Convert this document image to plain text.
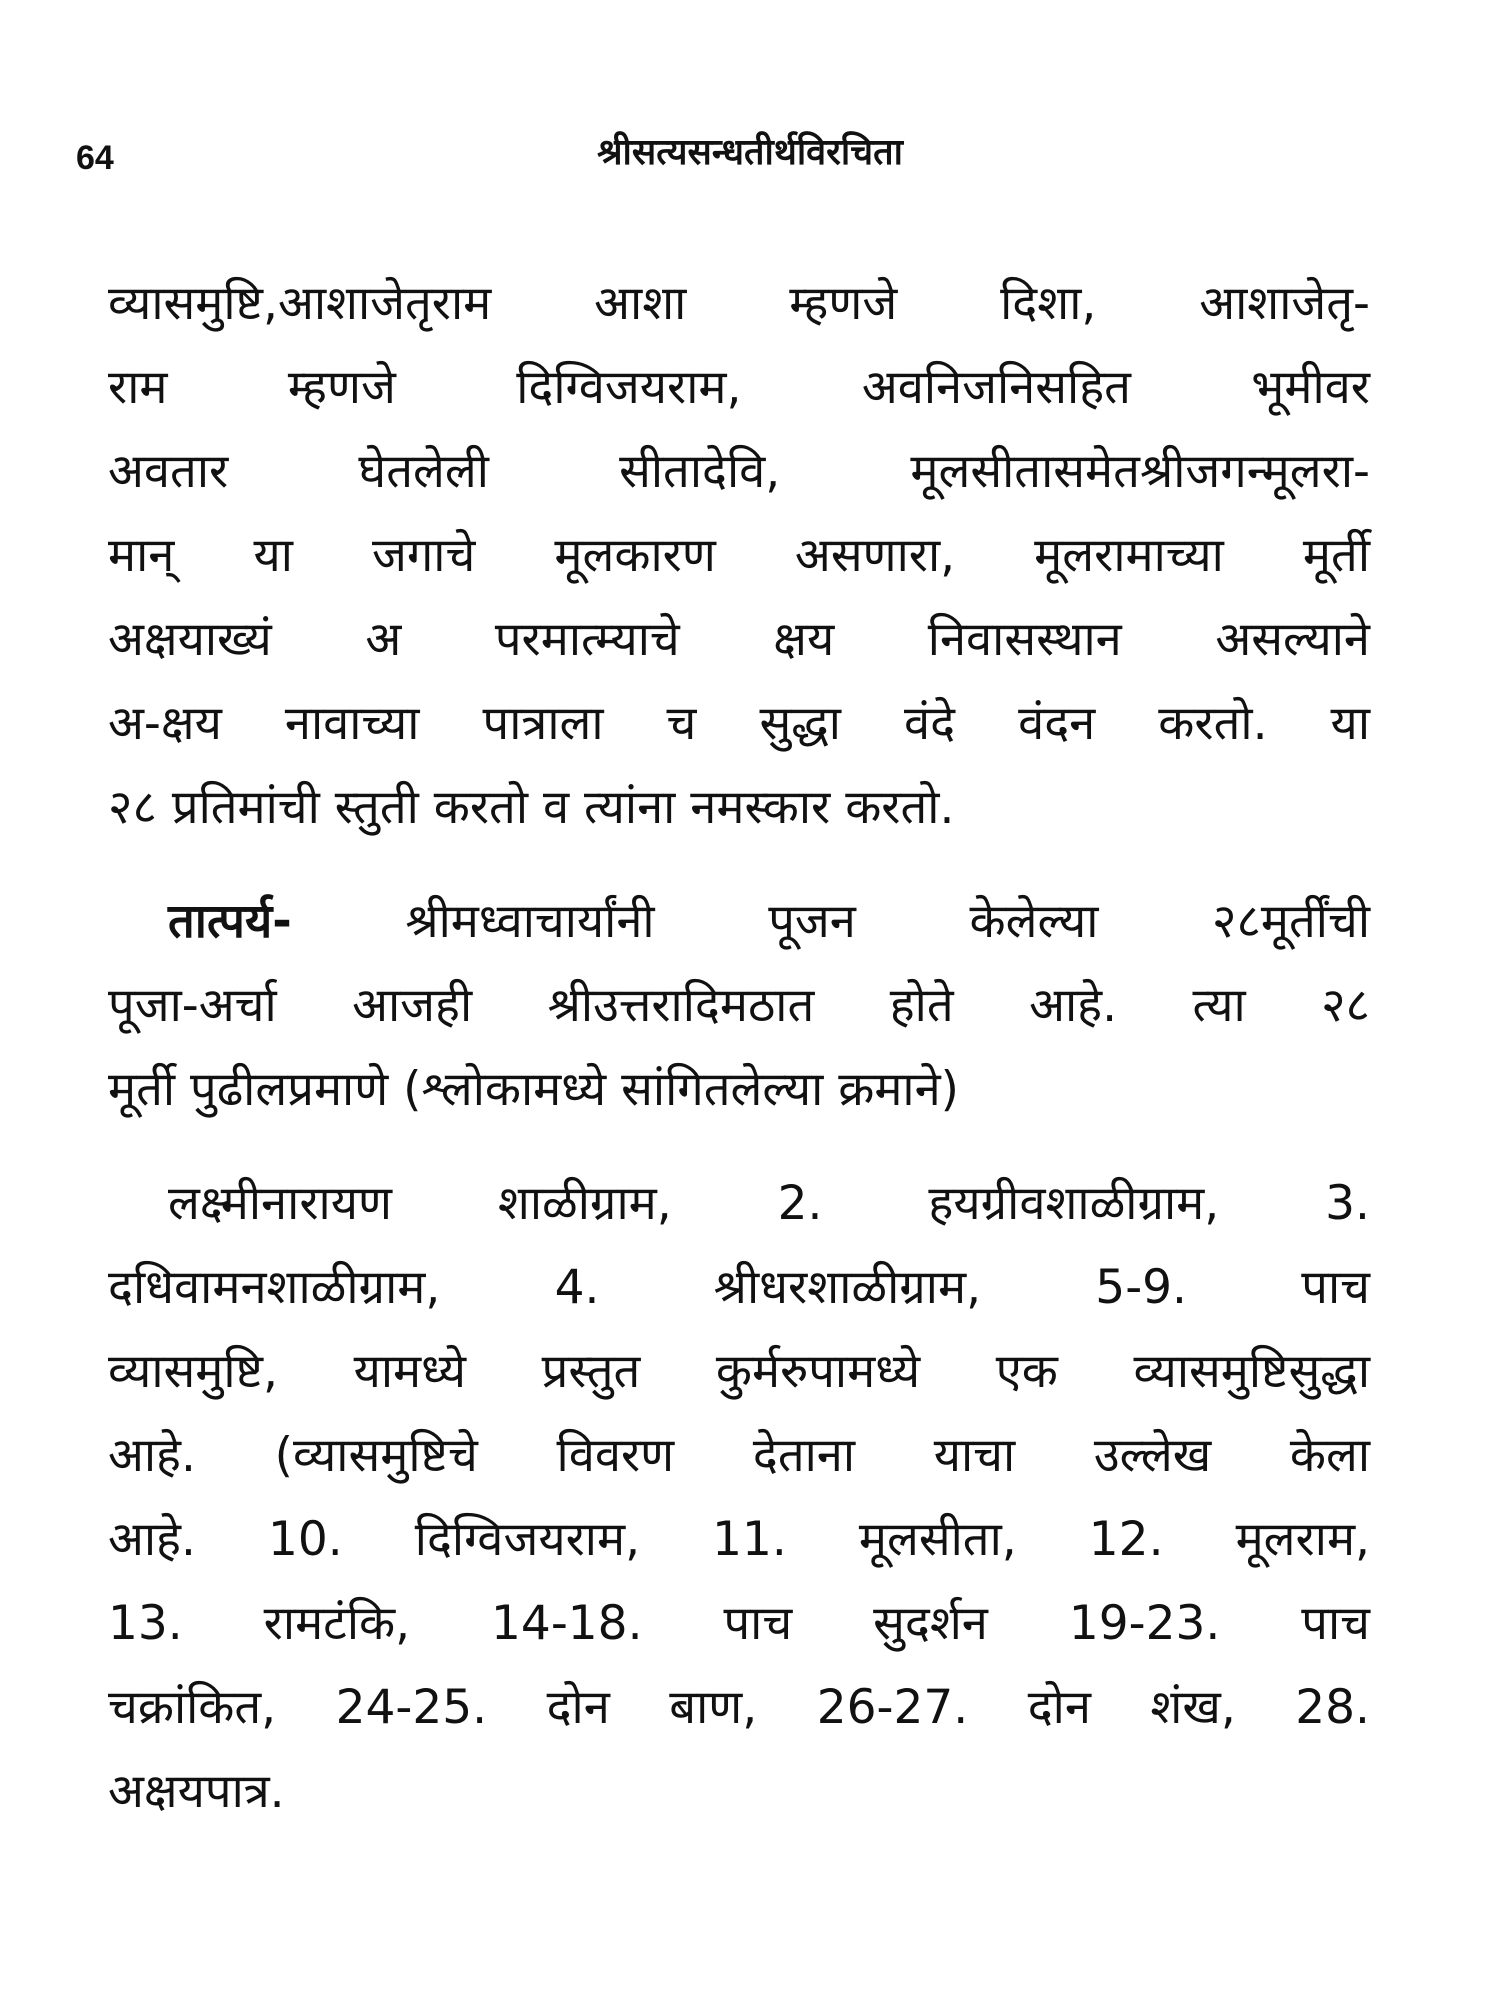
64	श्रीसत्यसन्धतीर्थविरचिता
व्यासमुष्टि,आशाजेतृराम आशा म्हणजे दिशा, आशाजेतृ-
राम म्हणजे दिग्विजयराम, अवनिजनिसहित भूमीवर
अवतार घेतलेली सीतादेवि, मूलसीतासमेतश्रीजगन्मूलरा-
मान् या जगाचे मूलकारण असणारा, मूलरामाच्या मूर्ती
अक्षयाख्यं अ परमात्म्याचे क्षय निवासस्थान असल्याने
अ-क्षय नावाच्या पात्राला च सुद्धा वंदे वंदन करतो. या
२८ प्रतिमांची स्तुती करतो व त्यांना नमस्कार करतो.
तात्पर्य- श्रीमध्वाचार्यांनी पूजन केलेल्या २८मूर्तींची
पूजा-अर्चा आजही श्रीउत्तरादिमठात होते आहे. त्या २८
मूर्ती पुढीलप्रमाणे (श्लोकामध्ये सांगितलेल्या क्रमाने)
लक्ष्मीनारायण शाळीग्राम, 2. हयग्रीवशाळीग्राम, 3.
दधिवामनशाळीग्राम, 4. श्रीधरशाळीग्राम, 5-9. पाच
व्यासमुष्टि, यामध्ये प्रस्तुत कुर्मरुपामध्ये एक व्यासमुष्टिसुद्धा
आहे. (व्यासमुष्टिचे विवरण देताना याचा उल्लेख केला
आहे. 10. दिग्विजयराम, 11. मूलसीता, 12. मूलराम,
13. रामटंकि, 14-18. पाच सुदर्शन 19-23. पाच
चक्रांकित, 24-25. दोन बाण, 26-27. दोन शंख, 28.
अक्षयपात्र.
